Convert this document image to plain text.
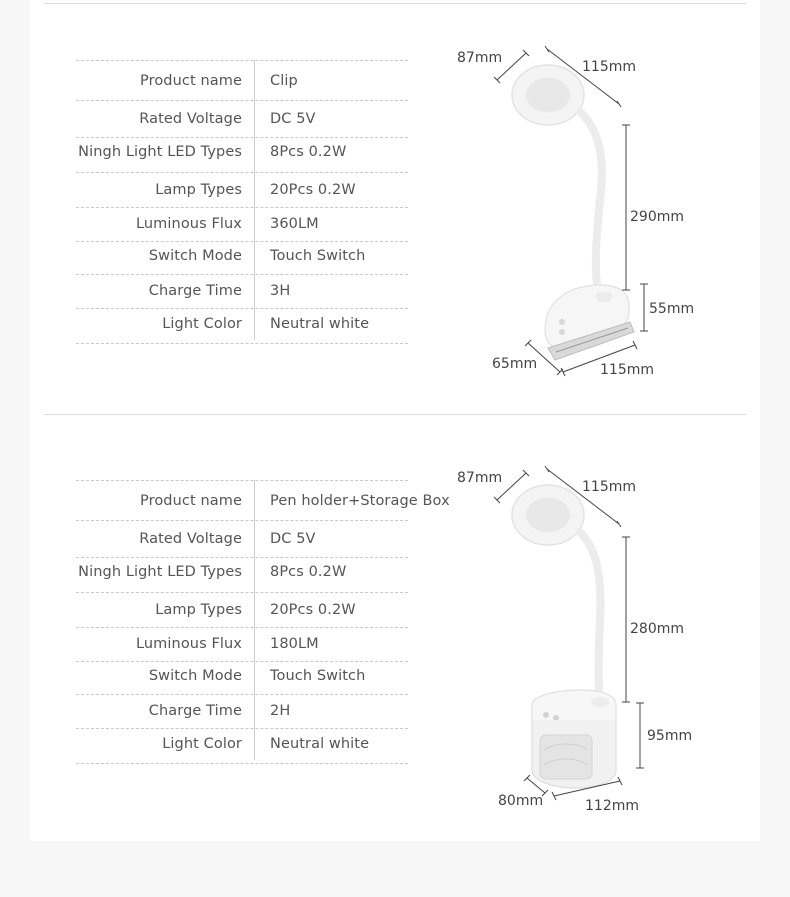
Product name Clip
Rated Voltage DC 5V
Ningh Light LED Types 8Pcs 0.2W
Lamp Types 20Pcs 0.2W
Luminous Flux 360LM
Switch Mode Touch Switch
Charge Time 3H
Light Color Neutral white
87mm
115mm
290mm
55mm
65mm	115mm
Product name Pen holder+Storage Box
Rated Voltage DC 5V
Ningh Light LED Types 8Pcs 0.2W
Lamp Types 20Pcs 0.2W
Luminous Flux 180LM
Switch Mode Touch Switch
Charge Time 2H
Light Color Neutral white
87mm
115mm
280mm
95mm
80mm	112mm
